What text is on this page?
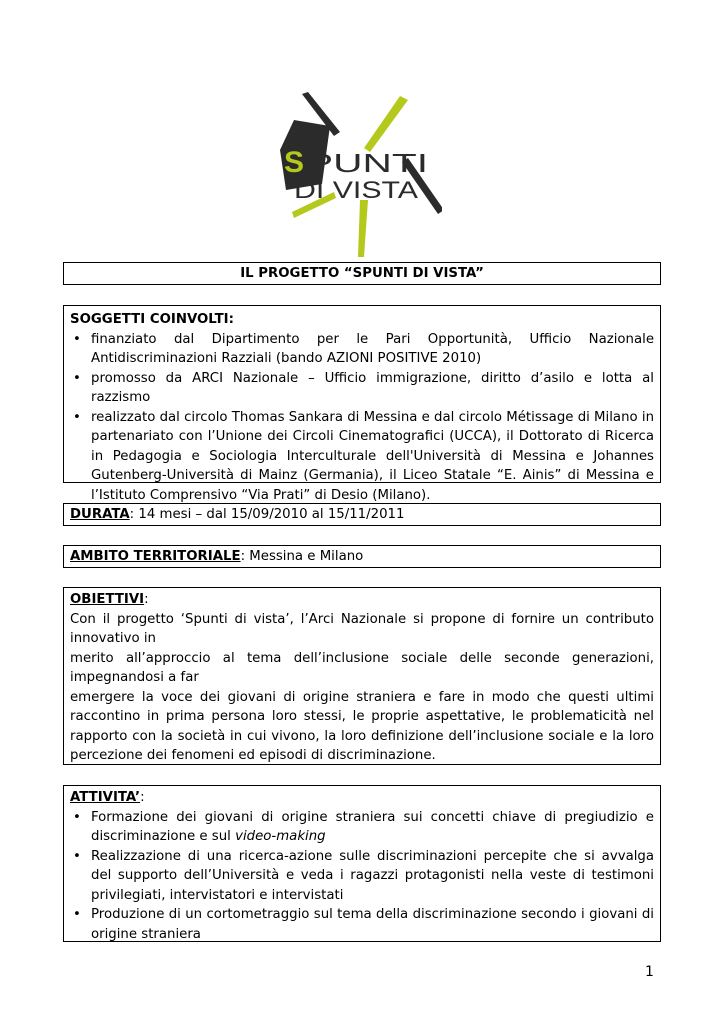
S PUNTI
DI VISTA
IL PROGETTO “SPUNTI DI VISTA”

SOGGETTI COINVOLTI:

• finanziato dal Dipartimento per le Pari Opportunità, Ufficio Nazionale Antidiscriminazioni Razziali (bando AZIONI POSITIVE 2010)
• promosso da ARCI Nazionale – Ufficio immigrazione, diritto d’asilo e lotta al razzismo
• realizzato dal circolo Thomas Sankara di Messina e dal circolo Métissage di Milano in partenariato con l’Unione dei Circoli Cinematografici (UCCA), il Dottorato di Ricerca in Pedagogia e Sociologia Interculturale dell'Università di Messina e Johannes Gutenberg-Università di Mainz (Germania), il Liceo Statale “E. Ainis” di Messina e l’Istituto Comprensivo “Via Prati” di Desio (Milano).
DURATA: 14 mesi – dal 15/09/2010 al 15/11/2011
AMBITO TERRITORIALE: Messina e Milano

OBIETTIVI:

Con il progetto ‘Spunti di vista’, l’Arci Nazionale si propone di fornire un contributo innovativo in

merito all’approccio al tema dell’inclusione sociale delle seconde generazioni, impegnandosi a far

emergere la voce dei giovani di origine straniera e fare in modo che questi ultimi raccontino in prima persona loro stessi, le proprie aspettative, le problematicità nel rapporto con la società in cui vivono, la loro definizione dell’inclusione sociale e la loro percezione dei fenomeni ed episodi di discriminazione.

ATTIVITA’:

• Formazione dei giovani di origine straniera sui concetti chiave di pregiudizio e discriminazione e sul video-making
• Realizzazione di una ricerca-azione sulle discriminazioni percepite che si avvalga del supporto dell’Università e veda i ragazzi protagonisti nella veste di testimoni privilegiati, intervistatori e intervistati
• Produzione di un cortometraggio sul tema della discriminazione secondo i giovani di origine straniera
1
